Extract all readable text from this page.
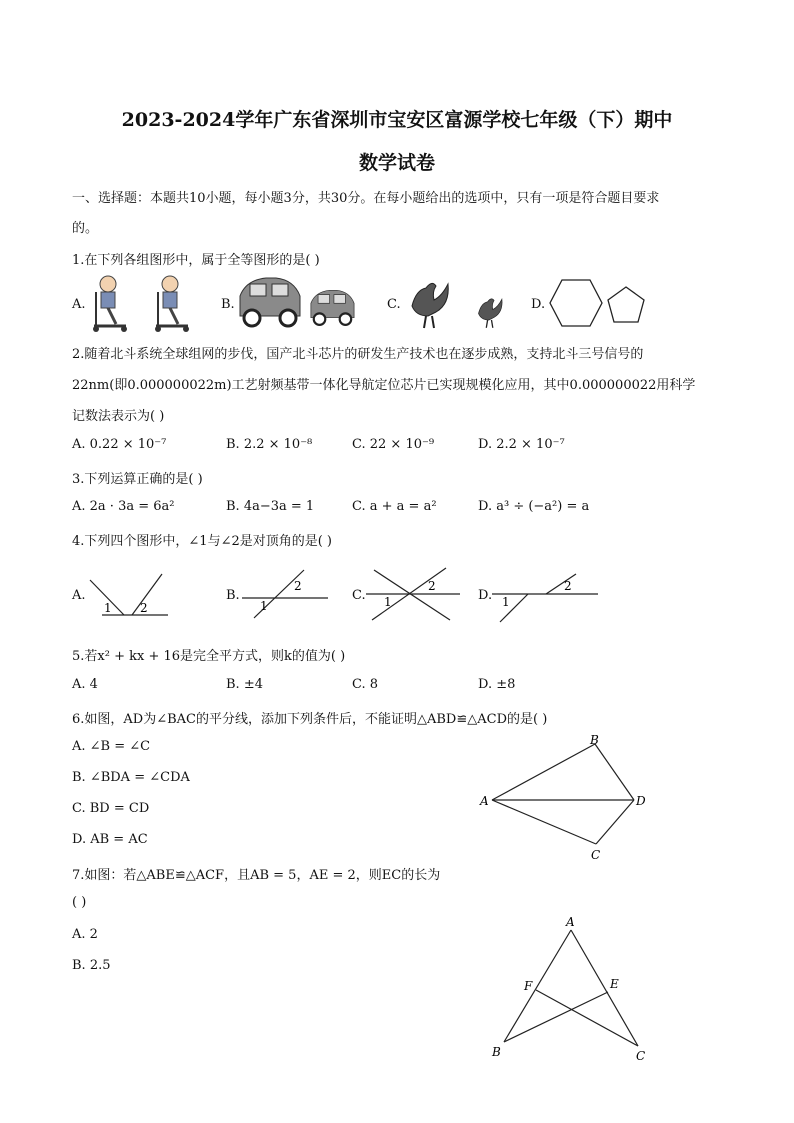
2023-2024学年广东省深圳市宝安区富源学校七年级（下）期中
数学试卷
一、选择题：本题共10小题，每小题3分，共30分。在每小题给出的选项中，只有一项是符合题目要求
的。
1.在下列各组图形中，属于全等图形的是( )
A.	B.	C.	D.
2.随着北斗系统全球组网的步伐，国产北斗芯片的研发生产技术也在逐步成熟，支持北斗三号信号的
22nm(即0.000000022m)工艺射频基带一体化导航定位芯片已实现规模化应用，其中0.000000022用科学
记数法表示为( )
A. 0.22 × 10⁻⁷	B. 2.2 × 10⁻⁸	C. 22 × 10⁻⁹	D. 2.2 × 10⁻⁷
3.下列运算正确的是( )
A. 2a · 3a = 6a²	B. 4a−3a = 1	C. a + a = a²	D. a³ ÷ (−a²) = a
4.下列四个图形中，∠1与∠2是对顶角的是( )
A.
1 2
B.
1
2
C. 1
2
D. 1
2
5.若x² + kx + 16是完全平方式，则k的值为( )
A. 4	B. ±4	C. 8	D. ±8
6.如图，AD为∠BAC的平分线，添加下列条件后，不能证明△ABD≌△ACD的是( )
A. ∠B = ∠C
B. ∠BDA = ∠CDA
C. BD = CD
D. AB = AC
A
B
D
C
7.如图：若△ABE≌△ACF，且AB = 5，AE = 2，则EC的长为
( )
A. 2
B. 2.5
A
F	E
B	C
